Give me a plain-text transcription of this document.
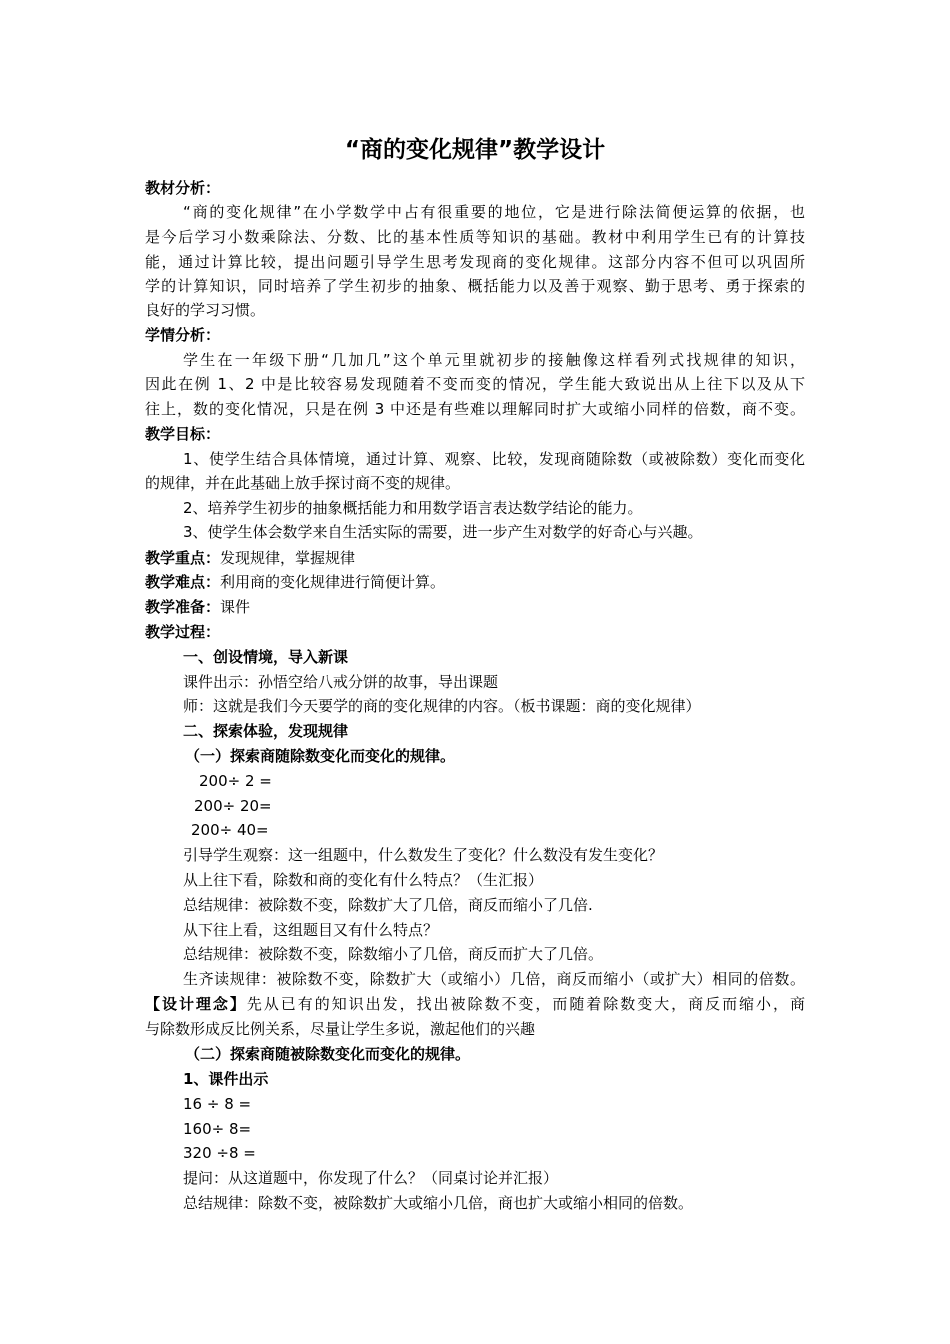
“商的变化规律”教学设计
教材分析：
“商的变化规律”在小学数学中占有很重要的地位，它是进行除法简便运算的依据，也
是今后学习小数乘除法、分数、比的基本性质等知识的基础。教材中利用学生已有的计算技
能，通过计算比较，提出问题引导学生思考发现商的变化规律。这部分内容不但可以巩固所
学的计算知识，同时培养了学生初步的抽象、概括能力以及善于观察、勤于思考、勇于探索的
良好的学习习惯。
学情分析：
学生在一年级下册“几加几”这个单元里就初步的接触像这样看列式找规律的知识，
因此在例 1、2 中是比较容易发现随着不变而变的情况，学生能大致说出从上往下以及从下
往上，数的变化情况，只是在例 3 中还是有些难以理解同时扩大或缩小同样的倍数，商不变。
教学目标：
1、使学生结合具体情境，通过计算、观察、比较，发现商随除数（或被除数）变化而变化
的规律，并在此基础上放手探讨商不变的规律。
2、培养学生初步的抽象概括能力和用数学语言表达数学结论的能力。
3、使学生体会数学来自生活实际的需要，进一步产生对数学的好奇心与兴趣。
教学重点：发现规律，掌握规律
教学难点：利用商的变化规律进行简便计算。
教学准备：课件
教学过程：
一、创设情境，导入新课
课件出示：孙悟空给八戒分饼的故事，导出课题
师：这就是我们今天要学的商的变化规律的内容。（板书课题：商的变化规律）
二、探索体验，发现规律
（一）探索商随除数变化而变化的规律。
200÷ 2 =
200÷ 20=
200÷ 40=
引导学生观察：这一组题中，什么数发生了变化？什么数没有发生变化？
从上往下看，除数和商的变化有什么特点？（生汇报）
总结规律：被除数不变，除数扩大了几倍，商反而缩小了几倍.
从下往上看，这组题目又有什么特点？
总结规律：被除数不变，除数缩小了几倍，商反而扩大了几倍。
生齐读规律：被除数不变，除数扩大（或缩小）几倍，商反而缩小（或扩大）相同的倍数。
【设计理念】先从已有的知识出发，找出被除数不变，而随着除数变大，商反而缩小，商
与除数形成反比例关系，尽量让学生多说，激起他们的兴趣
（二）探索商随被除数变化而变化的规律。
1、课件出示
16 ÷ 8 =
160÷ 8=
320 ÷8 =
提问：从这道题中，你发现了什么？（同桌讨论并汇报）
总结规律：除数不变，被除数扩大或缩小几倍，商也扩大或缩小相同的倍数。
